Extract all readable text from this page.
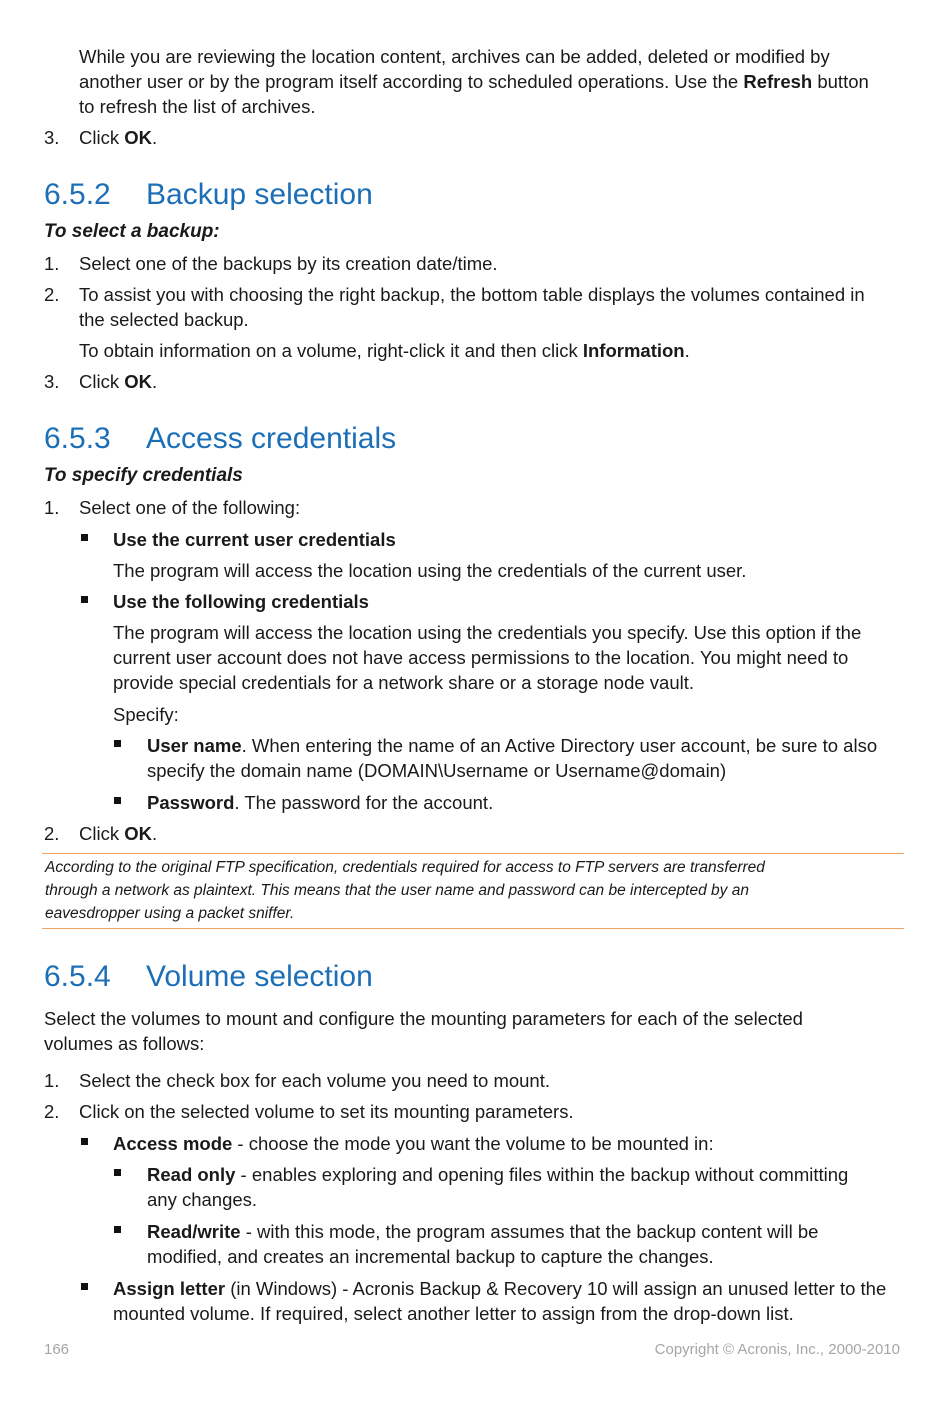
While you are reviewing the location content, archives can be added, deleted or modified by

another user or by the program itself according to scheduled operations. Use the Refresh button

to refresh the list of archives.

3. Click OK.

6.5.2 Backup selection

To select a backup:

1. Select one of the backups by its creation date/time.

2. To assist you with choosing the right backup, the bottom table displays the volumes contained in

the selected backup.

To obtain information on a volume, right-click it and then click Information.

3. Click OK.

6.5.3 Access credentials

To specify credentials

1. Select one of the following:

Use the current user credentials

The program will access the location using the credentials of the current user.

Use the following credentials

The program will access the location using the credentials you specify. Use this option if the

current user account does not have access permissions to the location. You might need to

provide special credentials for a network share or a storage node vault.

Specify:

User name. When entering the name of an Active Directory user account, be sure to also

specify the domain name (DOMAIN\Username or Username@domain)

Password. The password for the account.

2. Click OK.

According to the original FTP specification, credentials required for access to FTP servers are transferred

through a network as plaintext. This means that the user name and password can be intercepted by an

eavesdropper using a packet sniffer.

6.5.4 Volume selection

Select the volumes to mount and configure the mounting parameters for each of the selected

volumes as follows:

1. Select the check box for each volume you need to mount.

2. Click on the selected volume to set its mounting parameters.

Access mode - choose the mode you want the volume to be mounted in:

Read only - enables exploring and opening files within the backup without committing

any changes.

Read/write - with this mode, the program assumes that the backup content will be

modified, and creates an incremental backup to capture the changes.

Assign letter (in Windows) - Acronis Backup & Recovery 10 will assign an unused letter to the

mounted volume. If required, select another letter to assign from the drop-down list.

166	Copyright © Acronis, Inc., 2000-2010
